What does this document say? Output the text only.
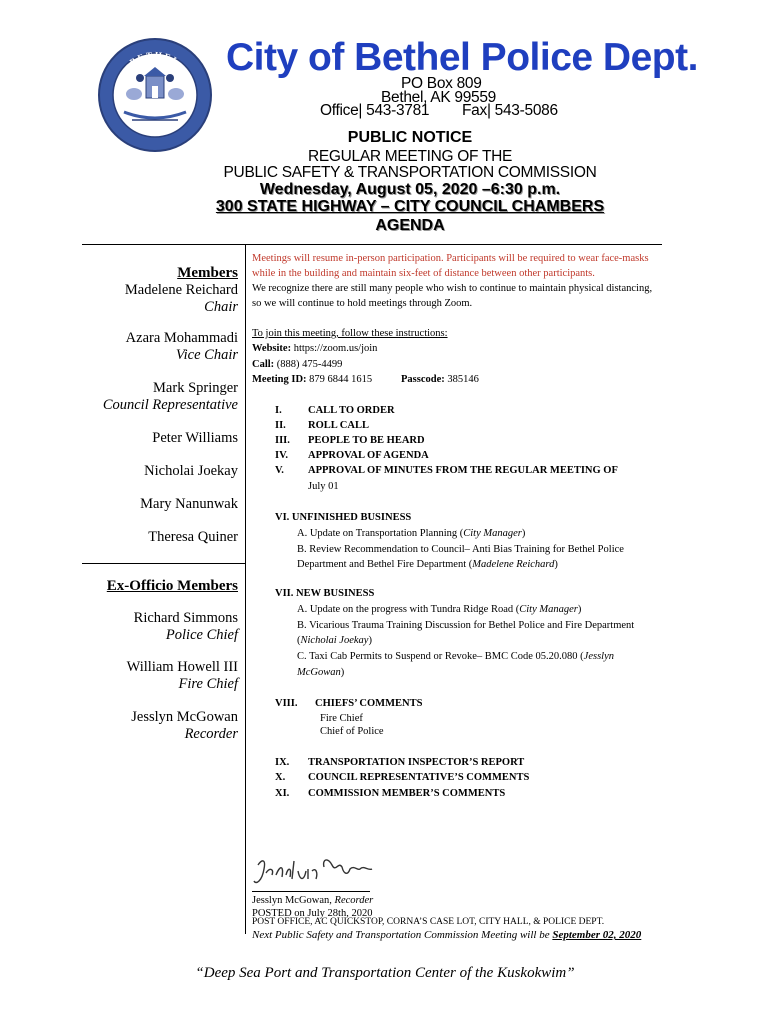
BETHEL
ALASKA
City of Bethel Police Dept.
PO Box 809
Bethel, AK 99559
Office| 543-3781 Fax| 543-5086
PUBLIC NOTICE
REGULAR MEETING OF THE
PUBLIC SAFETY & TRANSPORTATION COMMISSION
Wednesday, August 05, 2020 –6:30 p.m.
300 STATE HIGHWAY – CITY COUNCIL CHAMBERS
AGENDA
Members
Madelene Reichard
Chair
Azara Mohammadi
Vice Chair
Mark Springer
Council Representative
Peter Williams
Nicholai Joekay
Mary Nanunwak
Theresa Quiner
Ex-Officio Members
Richard Simmons
Police Chief
William Howell III
Fire Chief
Jesslyn McGowan
Recorder
Meetings will resume in-person participation. Participants will be required to wear face-masks
while in the building and maintain six-feet of distance between other participants.
We recognize there are still many people who wish to continue to maintain physical distancing,
so we will continue to hold meetings through Zoom.
To join this meeting, follow these instructions:
Website: https://zoom.us/join
Call: (888) 475-4499
Meeting ID: 879 6844 1615	Passcode: 385146
I.	CALL TO ORDER
II. ROLL CALL
III. PEOPLE TO BE HEARD
IV. APPROVAL OF AGENDA
V. APPROVAL OF MINUTES FROM THE REGULAR MEETING OF
July 01
VI. UNFINISHED BUSINESS
A. Update on Transportation Planning (City Manager)
B. Review Recommendation to Council– Anti Bias Training for Bethel Police
Department and Bethel Fire Department (Madelene Reichard)
VII. NEW BUSINESS
A. Update on the progress with Tundra Ridge Road (City Manager)
B. Vicarious Trauma Training Discussion for Bethel Police and Fire Department
(Nicholai Joekay)
C. Taxi Cab Permits to Suspend or Revoke– BMC Code 05.20.080 (Jesslyn
McGowan)
VIII. CHIEFS’ COMMENTS
Fire Chief
Chief of Police
IX. TRANSPORTATION INSPECTOR’S REPORT
X. COUNCIL REPRESENTATIVE’S COMMENTS
XI. COMMISSION MEMBER’S COMMENTS
Jesslyn McGowan, Recorder
POSTED on July 28th, 2020
POST OFFICE, AC QUICKSTOP, CORNA’S CASE LOT, CITY HALL, & POLICE DEPT.
Next Public Safety and Transportation Commission Meeting will be September 02, 2020
“Deep Sea Port and Transportation Center of the Kuskokwim”
